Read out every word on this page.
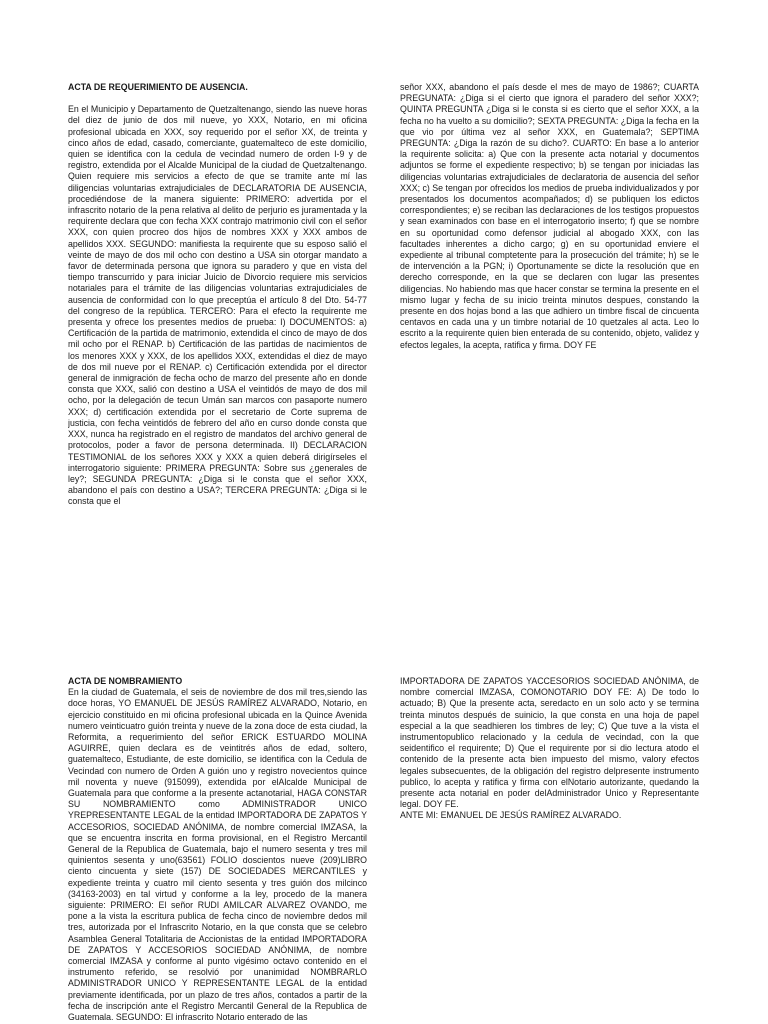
ACTA DE REQUERIMIENTO DE AUSENCIA.

En el Municipio y Departamento de Quetzaltenango, siendo las nueve horas del diez de junio de dos mil nueve, yo XXX, Notario, en mi oficina profesional ubicada en XXX, soy requerido por el señor XX, de treinta y cinco años de edad, casado, comerciante, guatemalteco de este domicilio, quien se identifica con la cedula de vecindad numero de orden I-9 y de registro, extendida por el Alcalde Municipal de la ciudad de Quetzaltenango. Quien requiere mis servicios a efecto de que se tramite ante mí las diligencias voluntarias extrajudiciales de DECLARATORIA DE AUSENCIA, procediéndose de la manera siguiente: PRIMERO: advertida por el infrascrito notario de la pena relativa al delito de perjurio es juramentada y la requirente declara que con fecha XXX contrajo matrimonio civil con el señor XXX, con quien procreo dos hijos de nombres XXX y XXX ambos de apellidos XXX. SEGUNDO: manifiesta la requirente que su esposo salió el veinte de mayo de dos mil ocho con destino a USA sin otorgar mandato a favor de determinada persona que ignora su paradero y que en vista del tiempo transcurrido y para iniciar Juicio de Divorcio requiere mis servicios notariales para el trámite de las diligencias voluntarias extrajudiciales de ausencia de conformidad con lo que preceptúa el artículo 8 del Dto. 54-77 del congreso de la república. TERCERO: Para el efecto la requirente me presenta y ofrece los presentes medios de prueba: I) DOCUMENTOS: a) Certificación de la partida de matrimonio, extendida el cinco de mayo de dos mil ocho por el RENAP. b) Certificación de las partidas de nacimientos de los menores XXX y XXX, de los apellidos XXX, extendidas el diez de mayo de dos mil nueve por el RENAP. c) Certificación extendida por el director general de inmigración de fecha ocho de marzo del presente año en donde consta que XXX, salió con destino a USA el veintidós de mayo de dos mil ocho, por la delegación de tecun Umán san marcos con pasaporte numero XXX; d) certificación extendida por el secretario de Corte suprema de justicia, con fecha veintidós de febrero del año en curso donde consta que XXX, nunca ha registrado en el registro de mandatos del archivo general de protocolos, poder a favor de persona determinada. II) DECLARACION TESTIMONIAL de los señores XXX y XXX a quien deberá dirigírseles el interrogatorio siguiente: PRIMERA PREGUNTA: Sobre sus ¿generales de ley?; SEGUNDA PREGUNTA: ¿Diga si le consta que el señor XXX, abandono el país con destino a USA?; TERCERA PREGUNTA: ¿Diga si le consta que el

señor XXX, abandono el país desde el mes de mayo de 1986?; CUARTA PREGUNATA: ¿Diga si el cierto que ignora el paradero del señor XXX?; QUINTA PREGUNTA ¿Diga si le consta si es cierto que el señor XXX, a la fecha no ha vuelto a su domicilio?; SEXTA PREGUNTA: ¿Diga la fecha en la que vio por última vez al señor XXX, en Guatemala?; SEPTIMA PREGUNTA: ¿Diga la razón de su dicho?. CUARTO: En base a lo anterior la requirente solicita: a) Que con la presente acta notarial y documentos adjuntos se forme el expediente respectivo; b) se tengan por iniciadas las diligencias voluntarias extrajudiciales de declaratoria de ausencia del señor XXX; c) Se tengan por ofrecidos los medios de prueba individualizados y por presentados los documentos acompañados; d) se publiquen los edictos correspondientes; e) se reciban las declaraciones de los testigos propuestos y sean examinados con base en el interrogatorio inserto; f) que se nombre en su oportunidad como defensor judicial al abogado XXX, con las facultades inherentes a dicho cargo; g) en su oportunidad enviere el expediente al tribunal comptetente para la prosecución del trámite; h) se le de intervención a la PGN; i) Oportunamente se dicte la resolución que en derecho corresponde, en la que se declaren con lugar las presentes diligencias. No habiendo mas que hacer constar se termina la presente en el mismo lugar y fecha de su inicio treinta minutos despues, constando la presente en dos hojas bond a las que adhiero un timbre fiscal de cincuenta centavos en cada una y un timbre notarial de 10 quetzales al acta. Leo lo escrito a la requirente quien bien enterada de su contenido, objeto, validez y efectos legales, la acepta, ratifica y firma. DOY FE

ACTA DE NOMBRAMIENTO

En la ciudad de Guatemala, el seis de noviembre de dos mil tres,siendo las doce horas, YO EMANUEL DE JESÚS RAMÍREZ ALVARADO, Notario, en ejercicio constituido en mi oficina profesional ubicada en la Quince Avenida numero veinticuatro guión treinta y nueve de la zona doce de esta ciudad, la Reformita, a requerimiento del señor ERICK ESTUARDO MOLINA AGUIRRE, quien declara es de veintitrés años de edad, soltero, guatemalteco, Estudiante, de este domicilio, se identifica con la Cedula de Vecindad con numero de Orden A guión uno y registro novecientos quince mil noventa y nueve (915099), extendida por elAlcalde Municipal de Guatemala para que conforme a la presente actanotarial, HAGA CONSTAR SU NOMBRAMIENTO como ADMINISTRADOR UNICO YREPRESENTANTE LEGAL de la entidad IMPORTADORA DE ZAPATOS Y ACCESORIOS, SOCIEDAD ANÓNIMA, de nombre comercial IMZASA, la que se encuentra inscrita en forma provisional, en el Registro Mercantil General de la Republica de Guatemala, bajo el numero sesenta y tres mil quinientos sesenta y uno(63561) FOLIO doscientos nueve (209)LIBRO ciento cincuenta y siete (157) DE SOCIEDADES MERCANTILES y expediente treinta y cuatro mil ciento sesenta y tres guión dos milcinco (34163-2003) en tal virtud y conforme a la ley, procedo de la manera siguiente: PRIMERO: El señor RUDI AMILCAR ALVAREZ OVANDO, me pone a la vista la escritura publica de fecha cinco de noviembre dedos mil tres, autorizada por el Infrascrito Notario, en la que consta que se celebro Asamblea General Totalitaria de Accionistas de la entidad IMPORTADORA DE ZAPATOS Y ACCESORIOS SOCIEDAD ANÓNIMA, de nombre comercial IMZASA y conforme al punto vigésimo octavo contenido en el instrumento referido, se resolvió por unanimidad NOMBRARLO ADMINISTRADOR UNICO Y REPRESENTANTE LEGAL de la entidad previamente identificada, por un plazo de tres años, contados a partir de la fecha de inscripción ante el Registro Mercantil General de la Republica de Guatemala. SEGUNDO: El infrascrito Notario enterado de las

IMPORTADORA DE ZAPATOS YACCESORIOS SOCIEDAD ANÓNIMA, de nombre comercial IMZASA, COMONOTARIO DOY FE: A) De todo lo actuado; B) Que la presente acta, seredacto en un solo acto y se termina treinta minutos después de suinicio, la que consta en una hoja de papel especial a la que seadhieren los timbres de ley; C) Que tuve a la vista el instrumentopublico relacionado y la cedula de vecindad, con la que seidentifico el requirente; D) Que el requirente por si dio lectura atodo el contenido de la presente acta bien impuesto del mismo, valory efectos legales subsecuentes, de la obligación del registro delpresente instrumento publico, lo acepta y ratifica y firma con elNotario autorizante, quedando la presente acta notarial en poder delAdministrador Unico y Representante legal. DOY FE.

ANTE MI: EMANUEL DE JESÚS RAMÍREZ ALVARADO.
